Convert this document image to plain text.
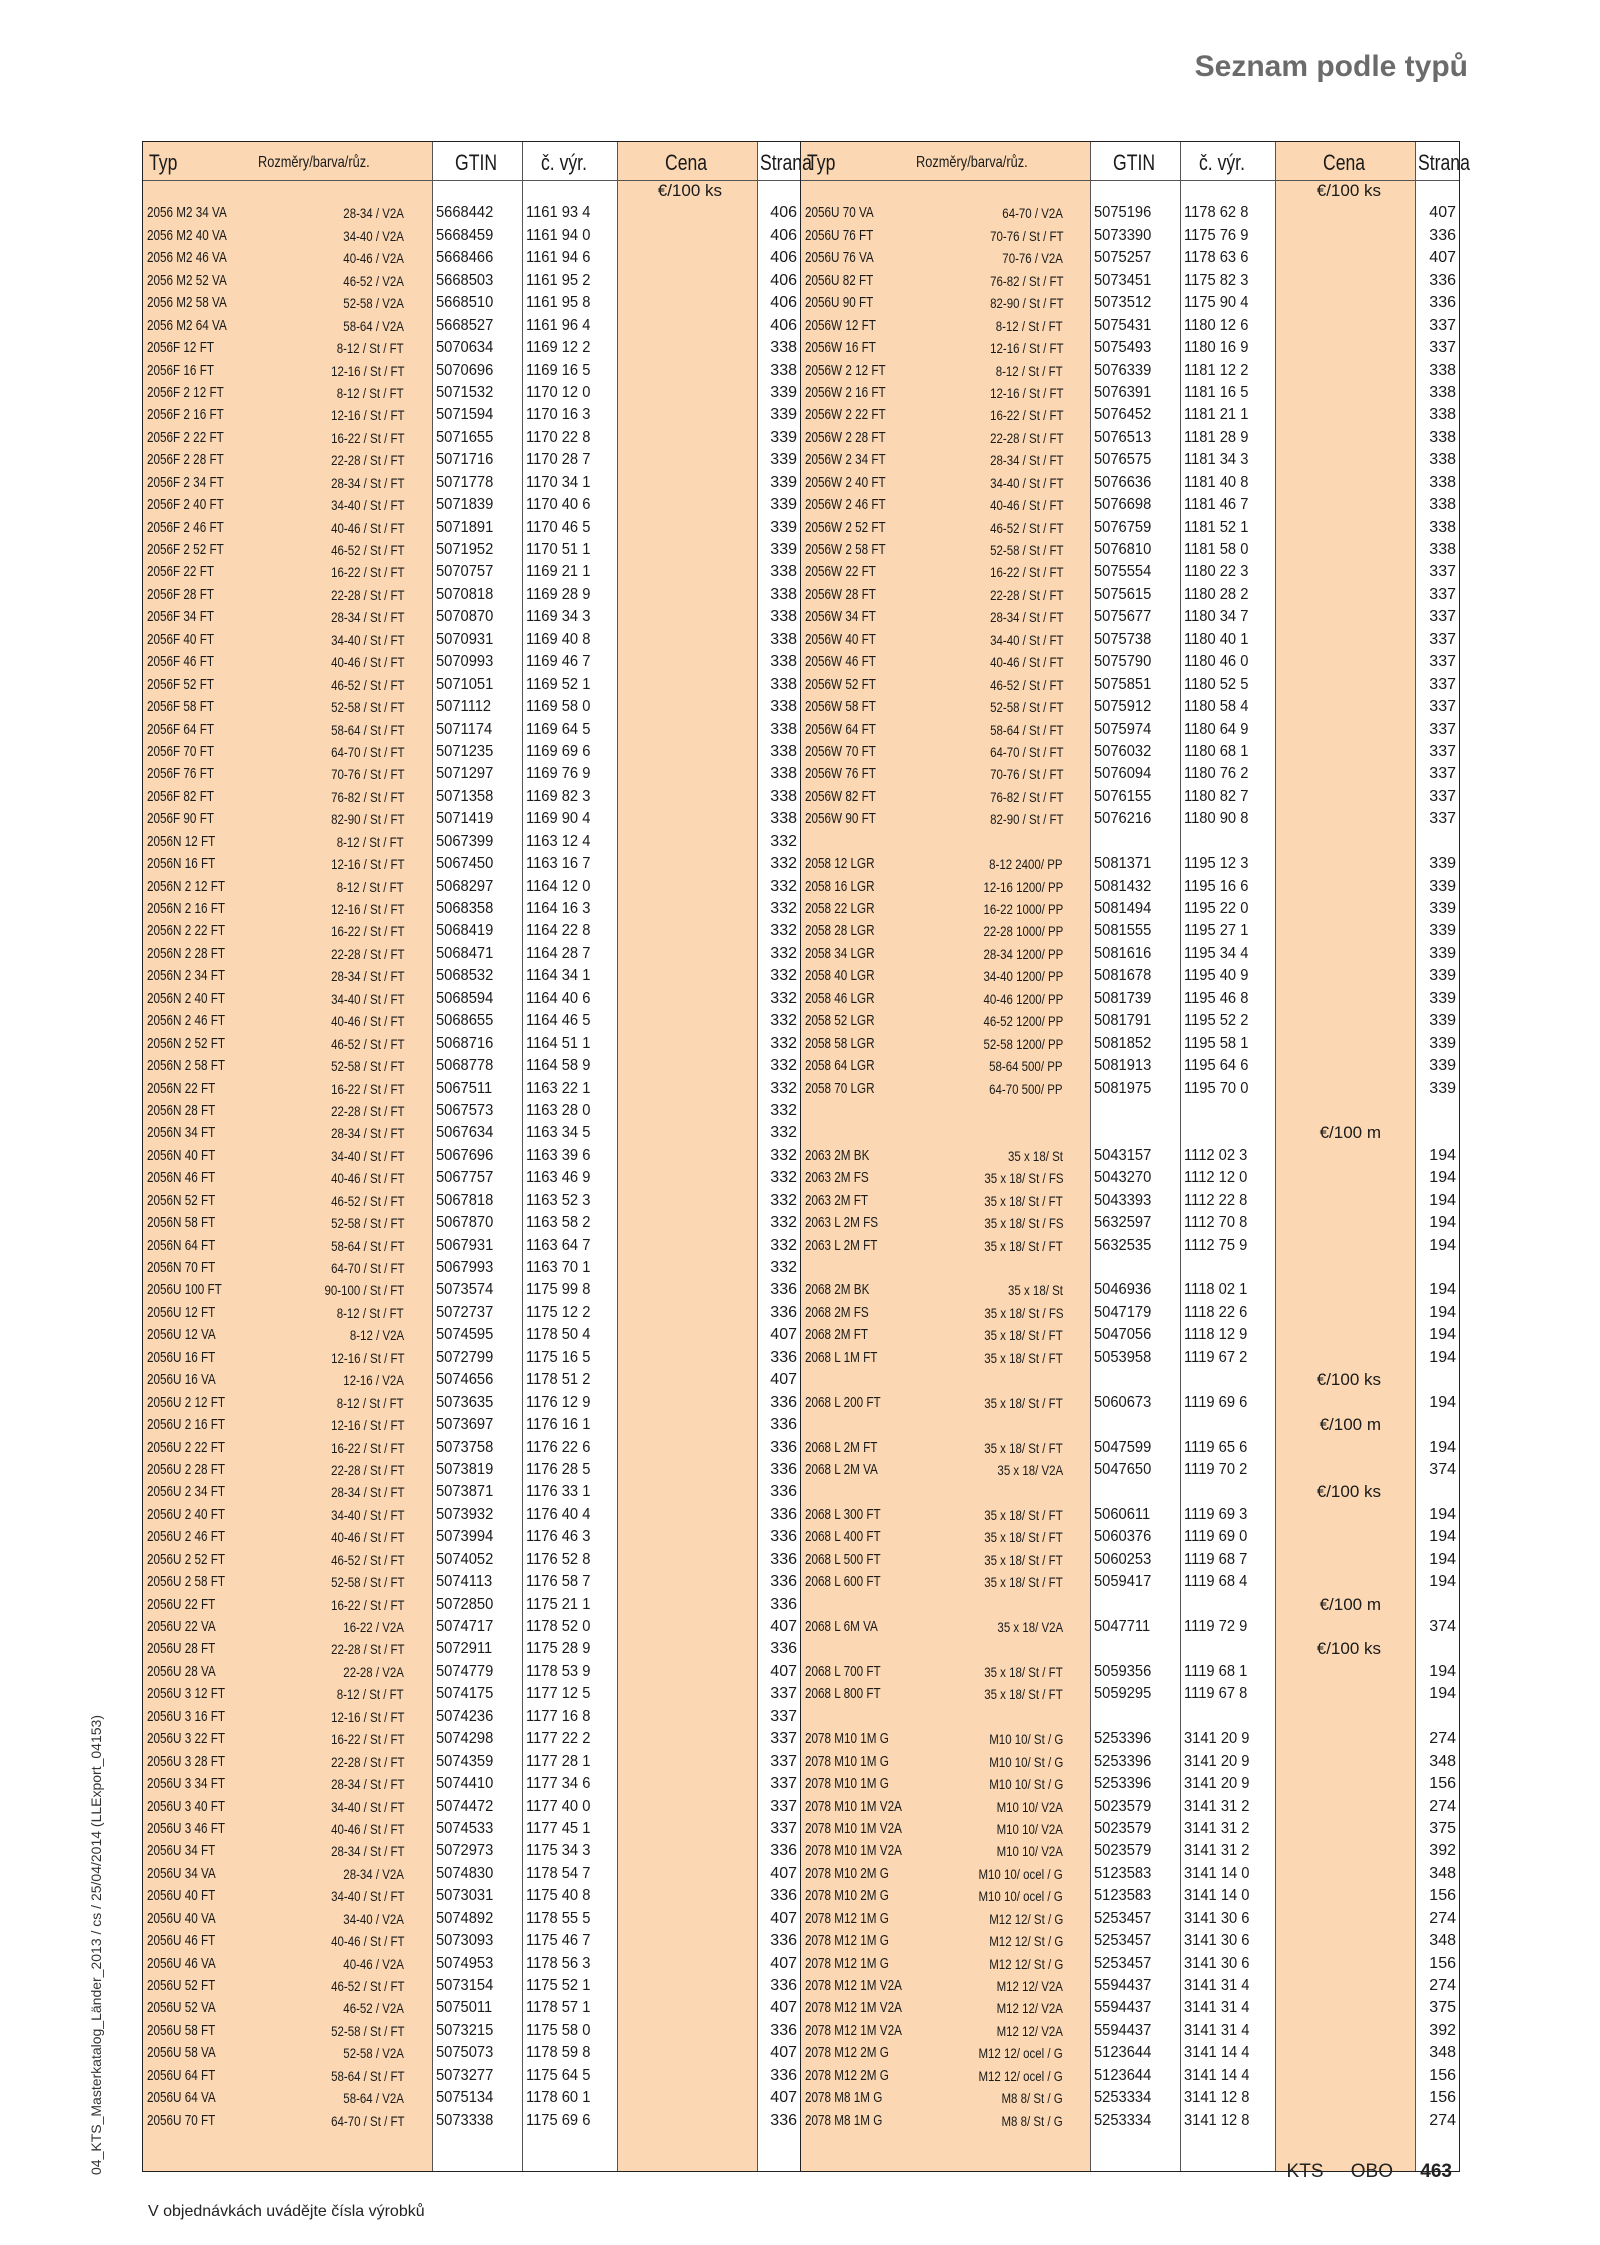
Seznam podle typů
04_KTS_Masterkatalog_Länder_2013 / cs / 25/04/2014 (LLExport_04153)
Typ	Rozměry/barva/růz.	GTIN č. výr.	Cena Strana
€/100 ks
2056 M2 34 VA	28-34 / V2A 5668442 1161 93 4	406
2056 M2 40 VA	34-40 / V2A 5668459 1161 94 0	406
2056 M2 46 VA	40-46 / V2A 5668466 1161 94 6	406
2056 M2 52 VA	46-52 / V2A 5668503 1161 95 2	406
2056 M2 58 VA	52-58 / V2A 5668510 1161 95 8	406
2056 M2 64 VA	58-64 / V2A 5668527 1161 96 4	406
2056F 12 FT	8-12 / St / FT 5070634 1169 12 2	338
2056F 16 FT	12-16 / St / FT 5070696 1169 16 5	338
2056F 2 12 FT	8-12 / St / FT 5071532 1170 12 0	339
2056F 2 16 FT	12-16 / St / FT 5071594 1170 16 3	339
2056F 2 22 FT	16-22 / St / FT 5071655 1170 22 8	339
2056F 2 28 FT	22-28 / St / FT 5071716 1170 28 7	339
2056F 2 34 FT	28-34 / St / FT 5071778 1170 34 1	339
2056F 2 40 FT	34-40 / St / FT 5071839 1170 40 6	339
2056F 2 46 FT	40-46 / St / FT 5071891 1170 46 5	339
2056F 2 52 FT	46-52 / St / FT 5071952 1170 51 1	339
2056F 22 FT	16-22 / St / FT 5070757 1169 21 1	338
2056F 28 FT	22-28 / St / FT 5070818 1169 28 9	338
2056F 34 FT	28-34 / St / FT 5070870 1169 34 3	338
2056F 40 FT	34-40 / St / FT 5070931 1169 40 8	338
2056F 46 FT	40-46 / St / FT 5070993 1169 46 7	338
2056F 52 FT	46-52 / St / FT 5071051 1169 52 1	338
2056F 58 FT	52-58 / St / FT 5071112 1169 58 0	338
2056F 64 FT	58-64 / St / FT 5071174 1169 64 5	338
2056F 70 FT	64-70 / St / FT 5071235 1169 69 6	338
2056F 76 FT	70-76 / St / FT 5071297 1169 76 9	338
2056F 82 FT	76-82 / St / FT 5071358 1169 82 3	338
2056F 90 FT	82-90 / St / FT 5071419 1169 90 4	338
2056N 12 FT	8-12 / St / FT 5067399 1163 12 4	332
2056N 16 FT	12-16 / St / FT 5067450 1163 16 7	332
2056N 2 12 FT	8-12 / St / FT 5068297 1164 12 0	332
2056N 2 16 FT	12-16 / St / FT 5068358 1164 16 3	332
2056N 2 22 FT	16-22 / St / FT 5068419 1164 22 8	332
2056N 2 28 FT	22-28 / St / FT 5068471 1164 28 7	332
2056N 2 34 FT	28-34 / St / FT 5068532 1164 34 1	332
2056N 2 40 FT	34-40 / St / FT 5068594 1164 40 6	332
2056N 2 46 FT	40-46 / St / FT 5068655 1164 46 5	332
2056N 2 52 FT	46-52 / St / FT 5068716 1164 51 1	332
2056N 2 58 FT	52-58 / St / FT 5068778 1164 58 9	332
2056N 22 FT	16-22 / St / FT 5067511 1163 22 1	332
2056N 28 FT	22-28 / St / FT 5067573 1163 28 0	332
2056N 34 FT	28-34 / St / FT 5067634 1163 34 5	332
2056N 40 FT	34-40 / St / FT 5067696 1163 39 6	332
2056N 46 FT	40-46 / St / FT 5067757 1163 46 9	332
2056N 52 FT	46-52 / St / FT 5067818 1163 52 3	332
2056N 58 FT	52-58 / St / FT 5067870 1163 58 2	332
2056N 64 FT	58-64 / St / FT 5067931 1163 64 7	332
2056N 70 FT	64-70 / St / FT 5067993 1163 70 1	332
2056U 100 FT	90-100 / St / FT 5073574 1175 99 8	336
2056U 12 FT	8-12 / St / FT 5072737 1175 12 2	336
2056U 12 VA	8-12 / V2A 5074595 1178 50 4	407
2056U 16 FT	12-16 / St / FT 5072799 1175 16 5	336
2056U 16 VA	12-16 / V2A 5074656 1178 51 2	407
2056U 2 12 FT	8-12 / St / FT 5073635 1176 12 9	336
2056U 2 16 FT	12-16 / St / FT 5073697 1176 16 1	336
2056U 2 22 FT	16-22 / St / FT 5073758 1176 22 6	336
2056U 2 28 FT	22-28 / St / FT 5073819 1176 28 5	336
2056U 2 34 FT	28-34 / St / FT 5073871 1176 33 1	336
2056U 2 40 FT	34-40 / St / FT 5073932 1176 40 4	336
2056U 2 46 FT	40-46 / St / FT 5073994 1176 46 3	336
2056U 2 52 FT	46-52 / St / FT 5074052 1176 52 8	336
2056U 2 58 FT	52-58 / St / FT 5074113 1176 58 7	336
2056U 22 FT	16-22 / St / FT 5072850 1175 21 1	336
2056U 22 VA	16-22 / V2A 5074717 1178 52 0	407
2056U 28 FT	22-28 / St / FT 5072911 1175 28 9	336
2056U 28 VA	22-28 / V2A 5074779 1178 53 9	407
2056U 3 12 FT	8-12 / St / FT 5074175 1177 12 5	337
2056U 3 16 FT	12-16 / St / FT 5074236 1177 16 8	337
2056U 3 22 FT	16-22 / St / FT 5074298 1177 22 2	337
2056U 3 28 FT	22-28 / St / FT 5074359 1177 28 1	337
2056U 3 34 FT	28-34 / St / FT 5074410 1177 34 6	337
2056U 3 40 FT	34-40 / St / FT 5074472 1177 40 0	337
2056U 3 46 FT	40-46 / St / FT 5074533 1177 45 1	337
2056U 34 FT	28-34 / St / FT 5072973 1175 34 3	336
2056U 34 VA	28-34 / V2A 5074830 1178 54 7	407
2056U 40 FT	34-40 / St / FT 5073031 1175 40 8	336
2056U 40 VA	34-40 / V2A 5074892 1178 55 5	407
2056U 46 FT	40-46 / St / FT 5073093 1175 46 7	336
2056U 46 VA	40-46 / V2A 5074953 1178 56 3	407
2056U 52 FT	46-52 / St / FT 5073154 1175 52 1	336
2056U 52 VA	46-52 / V2A 5075011 1178 57 1	407
2056U 58 FT	52-58 / St / FT 5073215 1175 58 0	336
2056U 58 VA	52-58 / V2A 5075073 1178 59 8	407
2056U 64 FT	58-64 / St / FT 5073277 1175 64 5	336
2056U 64 VA	58-64 / V2A 5075134 1178 60 1	407
2056U 70 FT	64-70 / St / FT 5073338 1175 69 6	336
Typ	Rozměry/barva/růz.	GTIN č. výr.	Cena Strana
€/100 ks
2056U 70 VA	64-70 / V2A 5075196 1178 62 8	407
2056U 76 FT	70-76 / St / FT 5073390 1175 76 9	336
2056U 76 VA	70-76 / V2A 5075257 1178 63 6	407
2056U 82 FT	76-82 / St / FT 5073451 1175 82 3	336
2056U 90 FT	82-90 / St / FT 5073512 1175 90 4	336
2056W 12 FT	8-12 / St / FT 5075431 1180 12 6	337
2056W 16 FT	12-16 / St / FT 5075493 1180 16 9	337
2056W 2 12 FT	8-12 / St / FT 5076339 1181 12 2	338
2056W 2 16 FT	12-16 / St / FT 5076391 1181 16 5	338
2056W 2 22 FT	16-22 / St / FT 5076452 1181 21 1	338
2056W 2 28 FT	22-28 / St / FT 5076513 1181 28 9	338
2056W 2 34 FT	28-34 / St / FT 5076575 1181 34 3	338
2056W 2 40 FT	34-40 / St / FT 5076636 1181 40 8	338
2056W 2 46 FT	40-46 / St / FT 5076698 1181 46 7	338
2056W 2 52 FT	46-52 / St / FT 5076759 1181 52 1	338
2056W 2 58 FT	52-58 / St / FT 5076810 1181 58 0	338
2056W 22 FT	16-22 / St / FT 5075554 1180 22 3	337
2056W 28 FT	22-28 / St / FT 5075615 1180 28 2	337
2056W 34 FT	28-34 / St / FT 5075677 1180 34 7	337
2056W 40 FT	34-40 / St / FT 5075738 1180 40 1	337
2056W 46 FT	40-46 / St / FT 5075790 1180 46 0	337
2056W 52 FT	46-52 / St / FT 5075851 1180 52 5	337
2056W 58 FT	52-58 / St / FT 5075912 1180 58 4	337
2056W 64 FT	58-64 / St / FT 5075974 1180 64 9	337
2056W 70 FT	64-70 / St / FT 5076032 1180 68 1	337
2056W 76 FT	70-76 / St / FT 5076094 1180 76 2	337
2056W 82 FT	76-82 / St / FT 5076155 1180 82 7	337
2056W 90 FT	82-90 / St / FT 5076216 1180 90 8	337
2058 12 LGR	8-12 2400/ PP 5081371 1195 12 3	339
2058 16 LGR	12-16 1200/ PP 5081432 1195 16 6	339
2058 22 LGR	16-22 1000/ PP 5081494 1195 22 0	339
2058 28 LGR	22-28 1000/ PP 5081555 1195 27 1	339
2058 34 LGR	28-34 1200/ PP 5081616 1195 34 4	339
2058 40 LGR	34-40 1200/ PP 5081678 1195 40 9	339
2058 46 LGR	40-46 1200/ PP 5081739 1195 46 8	339
2058 52 LGR	46-52 1200/ PP 5081791 1195 52 2	339
2058 58 LGR	52-58 1200/ PP 5081852 1195 58 1	339
2058 64 LGR	58-64 500/ PP 5081913 1195 64 6	339
2058 70 LGR	64-70 500/ PP 5081975 1195 70 0	339
€/100 m
2063 2M BK	35 x 18/ St 5043157 1112 02 3	194
2063 2M FS	35 x 18/ St / FS 5043270 1112 12 0	194
2063 2M FT	35 x 18/ St / FT 5043393 1112 22 8	194
2063 L 2M FS	35 x 18/ St / FS 5632597 1112 70 8	194
2063 L 2M FT	35 x 18/ St / FT 5632535 1112 75 9	194
2068 2M BK	35 x 18/ St 5046936 1118 02 1	194
2068 2M FS	35 x 18/ St / FS 5047179 1118 22 6	194
2068 2M FT	35 x 18/ St / FT 5047056 1118 12 9	194
2068 L 1M FT	35 x 18/ St / FT 5053958 1119 67 2	194
€/100 ks
2068 L 200 FT	35 x 18/ St / FT 5060673 1119 69 6	194
€/100 m
2068 L 2M FT	35 x 18/ St / FT 5047599 1119 65 6	194
2068 L 2M VA	35 x 18/ V2A 5047650 1119 70 2	374
€/100 ks
2068 L 300 FT	35 x 18/ St / FT 5060611 1119 69 3	194
2068 L 400 FT	35 x 18/ St / FT 5060376 1119 69 0	194
2068 L 500 FT	35 x 18/ St / FT 5060253 1119 68 7	194
2068 L 600 FT	35 x 18/ St / FT 5059417 1119 68 4	194
€/100 m
2068 L 6M VA	35 x 18/ V2A 5047711 1119 72 9	374
€/100 ks
2068 L 700 FT	35 x 18/ St / FT 5059356 1119 68 1	194
2068 L 800 FT	35 x 18/ St / FT 5059295 1119 67 8	194
2078 M10 1M G	M10 10/ St / G 5253396 3141 20 9	274
2078 M10 1M G	M10 10/ St / G 5253396 3141 20 9	348
2078 M10 1M G	M10 10/ St / G 5253396 3141 20 9	156
2078 M10 1M V2A	M10 10/ V2A 5023579 3141 31 2	274
2078 M10 1M V2A	M10 10/ V2A 5023579 3141 31 2	375
2078 M10 1M V2A	M10 10/ V2A 5023579 3141 31 2	392
2078 M10 2M G	M10 10/ ocel / G 5123583 3141 14 0	348
2078 M10 2M G	M10 10/ ocel / G 5123583 3141 14 0	156
2078 M12 1M G	M12 12/ St / G 5253457 3141 30 6	274
2078 M12 1M G	M12 12/ St / G 5253457 3141 30 6	348
2078 M12 1M G	M12 12/ St / G 5253457 3141 30 6	156
2078 M12 1M V2A	M12 12/ V2A 5594437 3141 31 4	274
2078 M12 1M V2A	M12 12/ V2A 5594437 3141 31 4	375
2078 M12 1M V2A	M12 12/ V2A 5594437 3141 31 4	392
2078 M12 2M G	M12 12/ ocel / G 5123644 3141 14 4	348
2078 M12 2M G	M12 12/ ocel / G 5123644 3141 14 4	156
2078 M8 1M G	M8 8/ St / G 5253334 3141 12 8	156
2078 M8 1M G	M8 8/ St / G 5253334 3141 12 8	274
V objednávkách uvádějte čísla výrobků
KTS OBO 463
